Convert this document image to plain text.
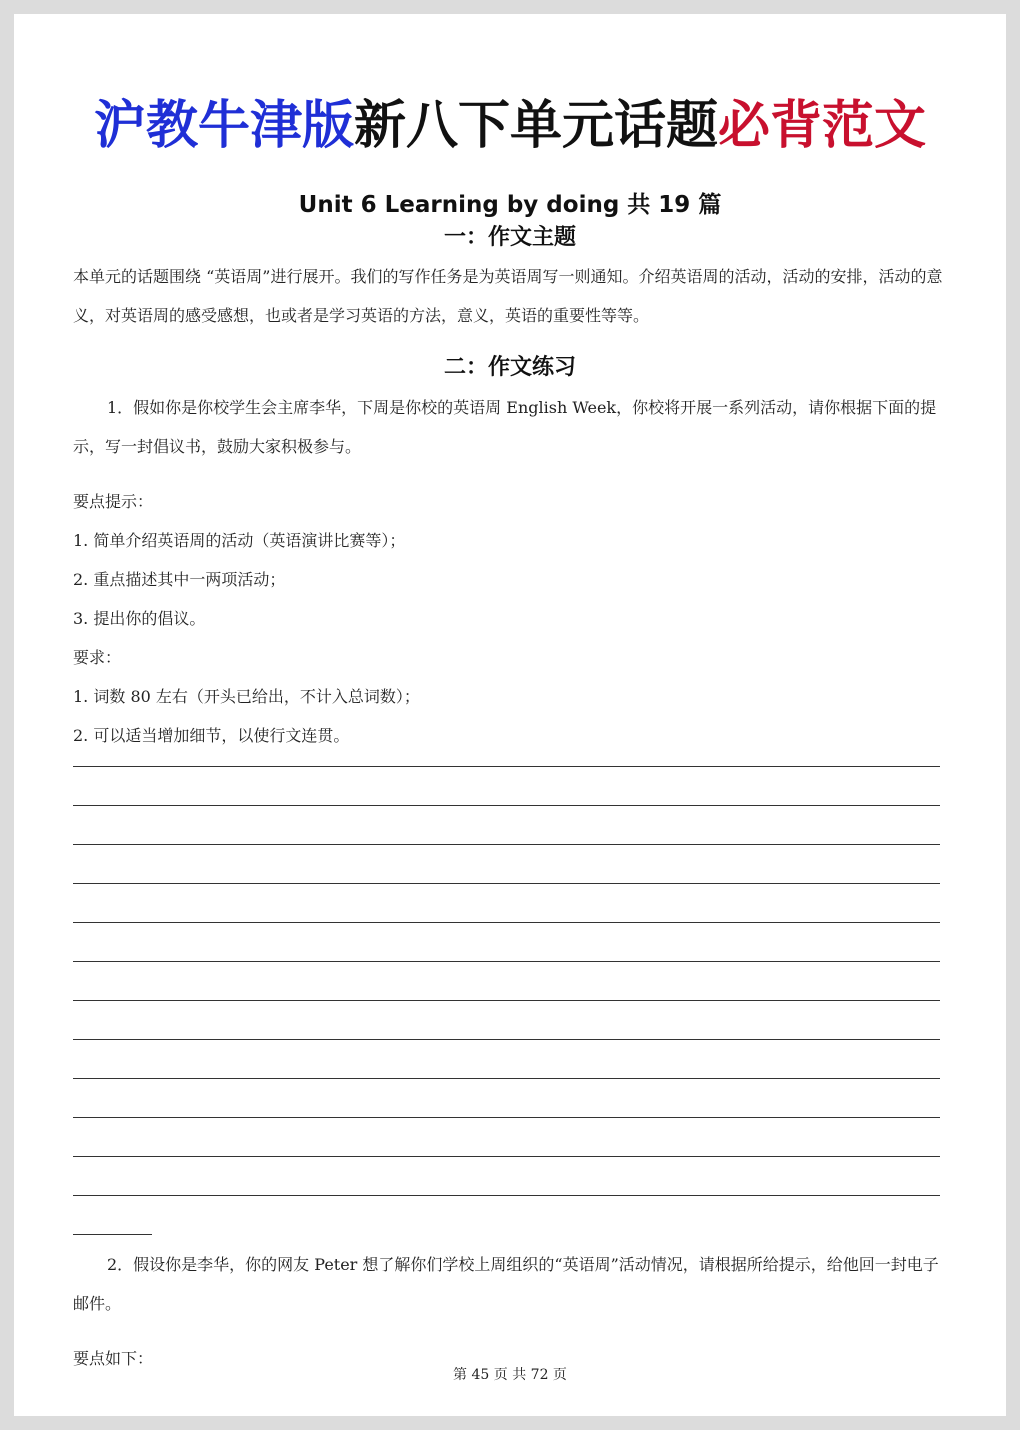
沪教牛津版新八下单元话题必背范文
Unit 6 Learning by doing 共 19 篇
一：作文主题
本单元的话题围绕 “英语周”进行展开。我们的写作任务是为英语周写一则通知。介绍英语周的活动，活动的安排，活动的意义，对英语周的感受感想，也或者是学习英语的方法，意义，英语的重要性等等。
二：作文练习
1．假如你是你校学生会主席李华，下周是你校的英语周 English Week，你校将开展一系列活动，请你根据下面的提示，写一封倡议书，鼓励大家积极参与。
要点提示：
1. 简单介绍英语周的活动（英语演讲比赛等）；
2. 重点描述其中一两项活动；
3. 提出你的倡议。
要求：
1. 词数 80 左右（开头已给出，不计入总词数）；
2. 可以适当增加细节，以使行文连贯。
2．假设你是李华，你的网友 Peter 想了解你们学校上周组织的“英语周”活动情况，请根据所给提示，给他回一封电子邮件。
要点如下：
第 45 页 共 72 页
